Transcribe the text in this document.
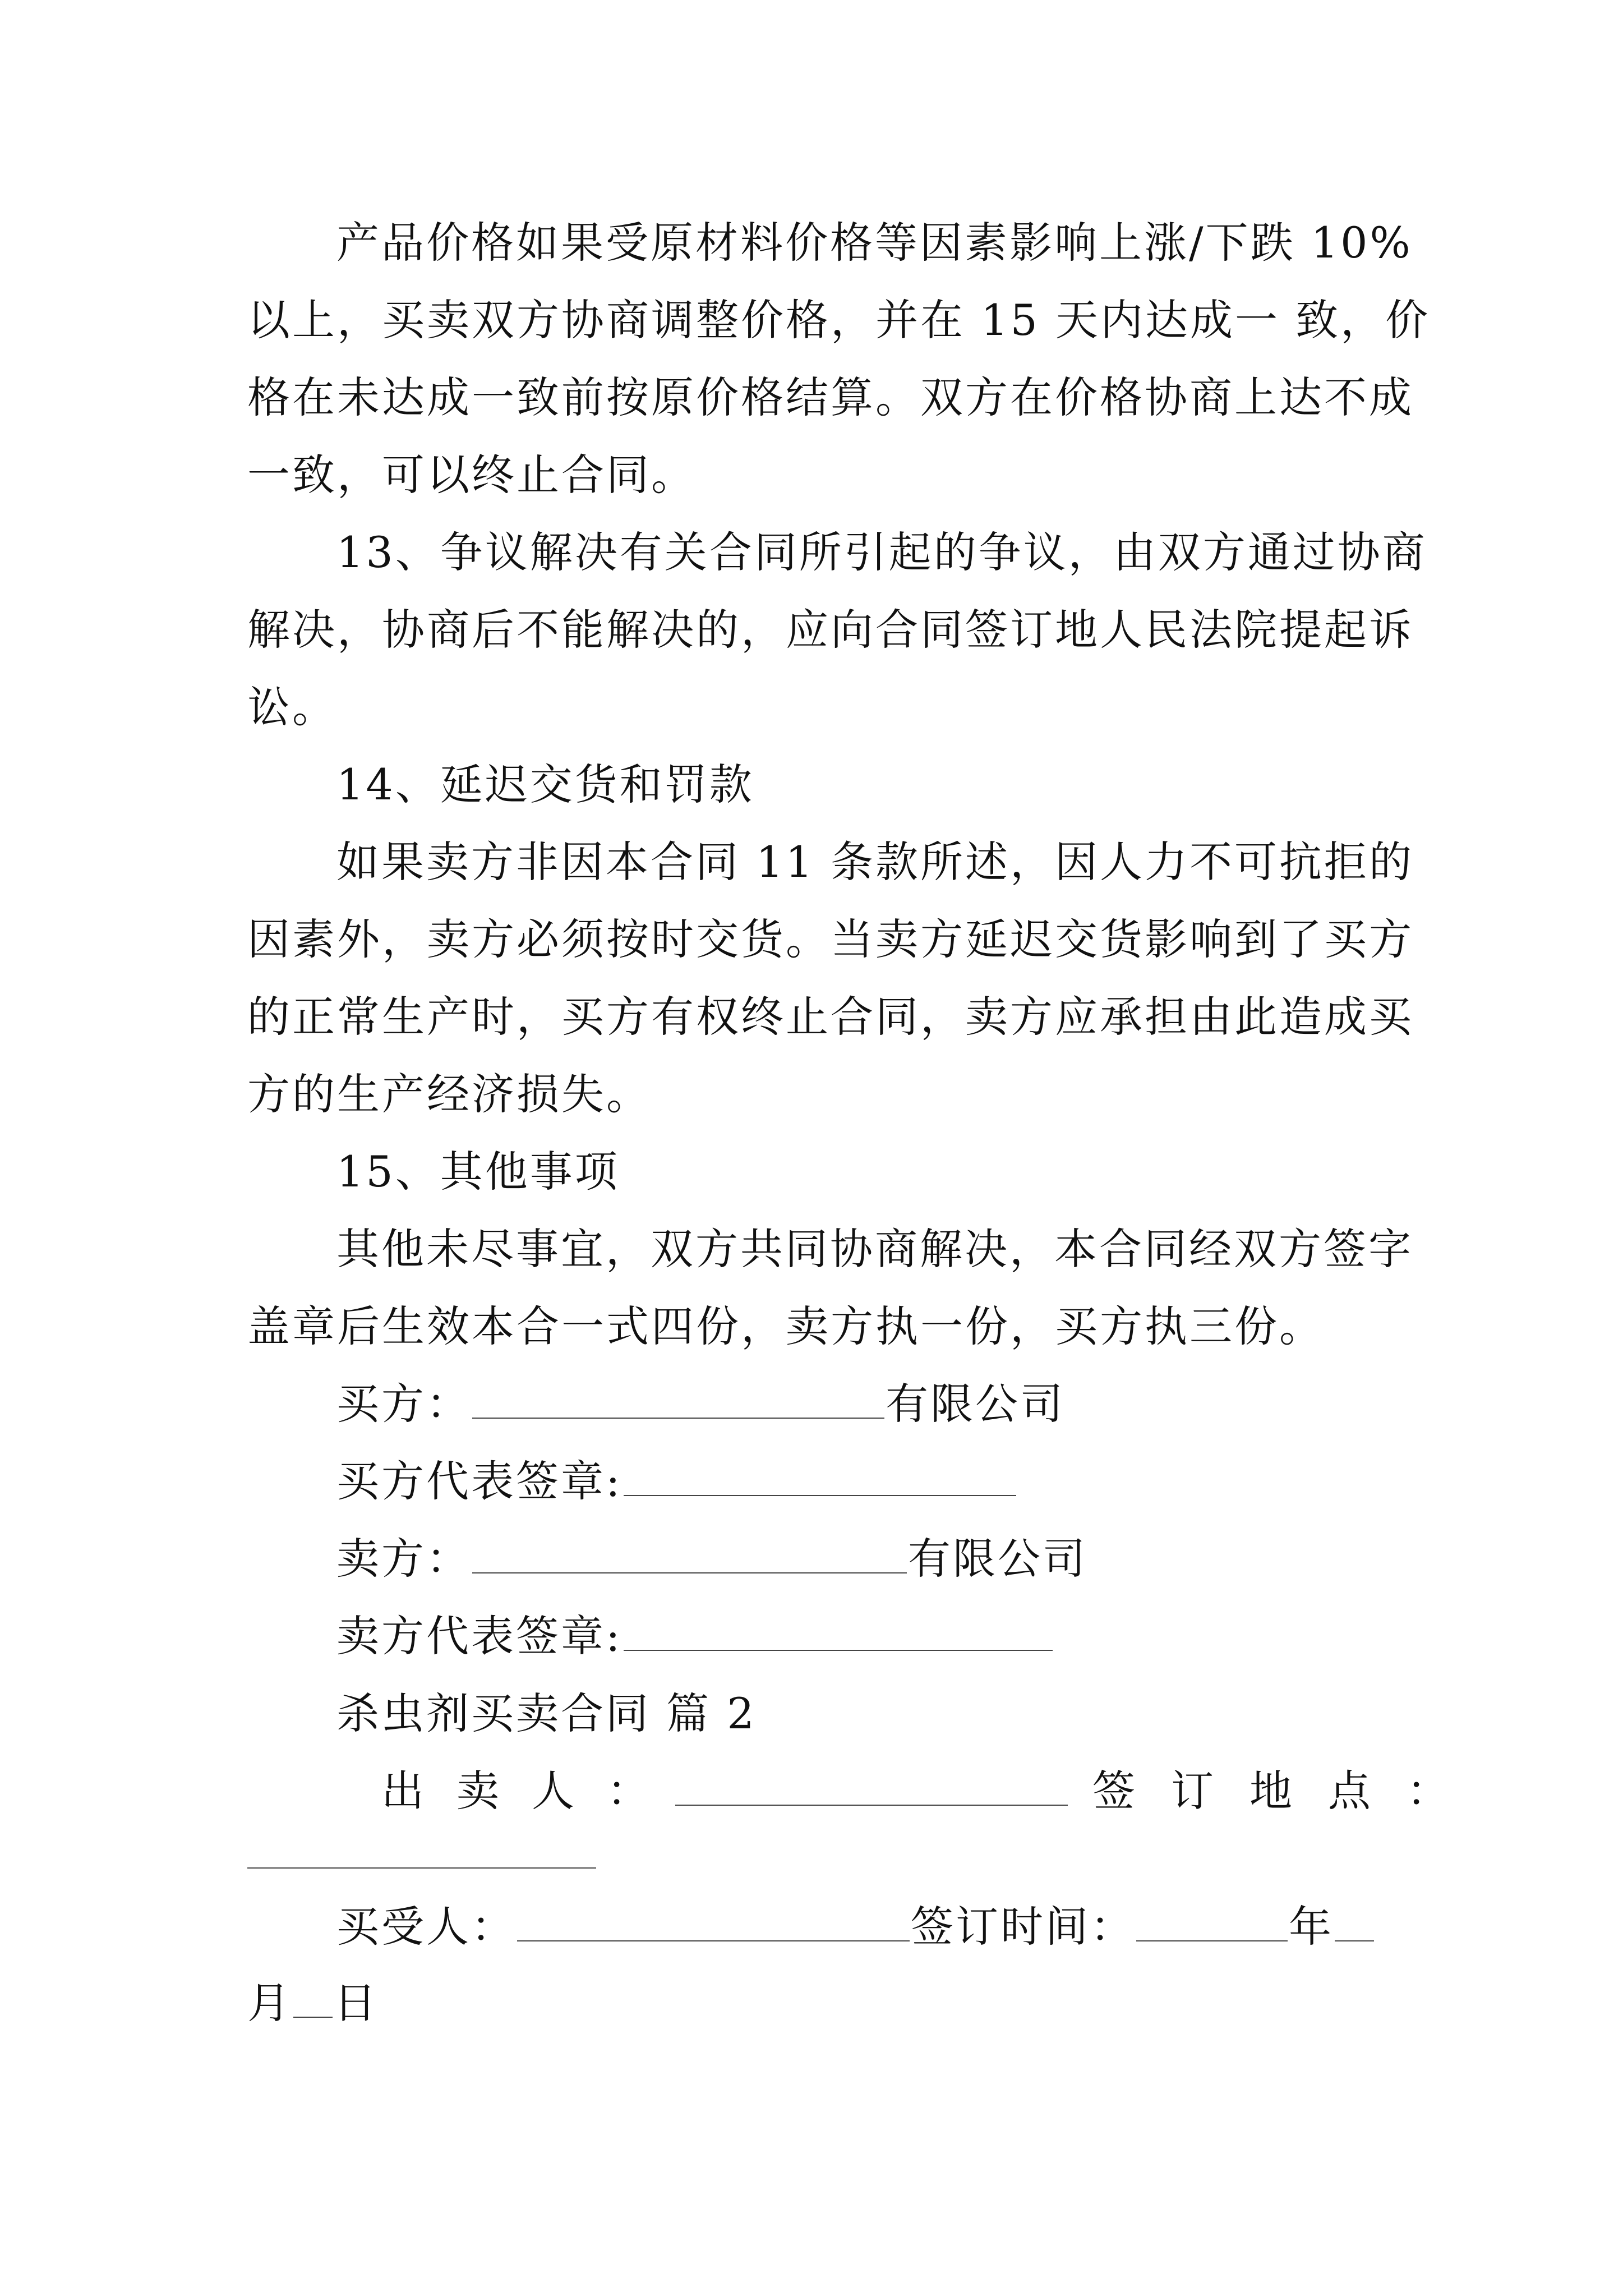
产品价格如果受原材料价格等因素影响上涨/下跌 10%
以上，买卖双方协商调整价格，并在 15 天内达成一 致，价
格在未达成一致前按原价格结算。双方在价格协商上达不成
一致，可以终止合同。
13、争议解决有关合同所引起的争议，由双方通过协商
解决，协商后不能解决的，应向合同签订地人民法院提起诉
讼。
14、延迟交货和罚款
如果卖方非因本合同 11 条款所述，因人力不可抗拒的
因素外，卖方必须按时交货。当卖方延迟交货影响到了买方
的正常生产时，买方有权终止合同，卖方应承担由此造成买
方的生产经济损失。
15、其他事项
其他未尽事宜，双方共同协商解决，本合同经双方签字
盖章后生效本合一式四份，卖方执一份，买方执三份。
买方：	有限公司
买方代表签章:
卖方：	有限公司
卖方代表签章:
杀虫剂买卖合同 篇 2
出 卖 人 ：	签 订 地 点 ：
买受人：	签订时间：	年
月 日
